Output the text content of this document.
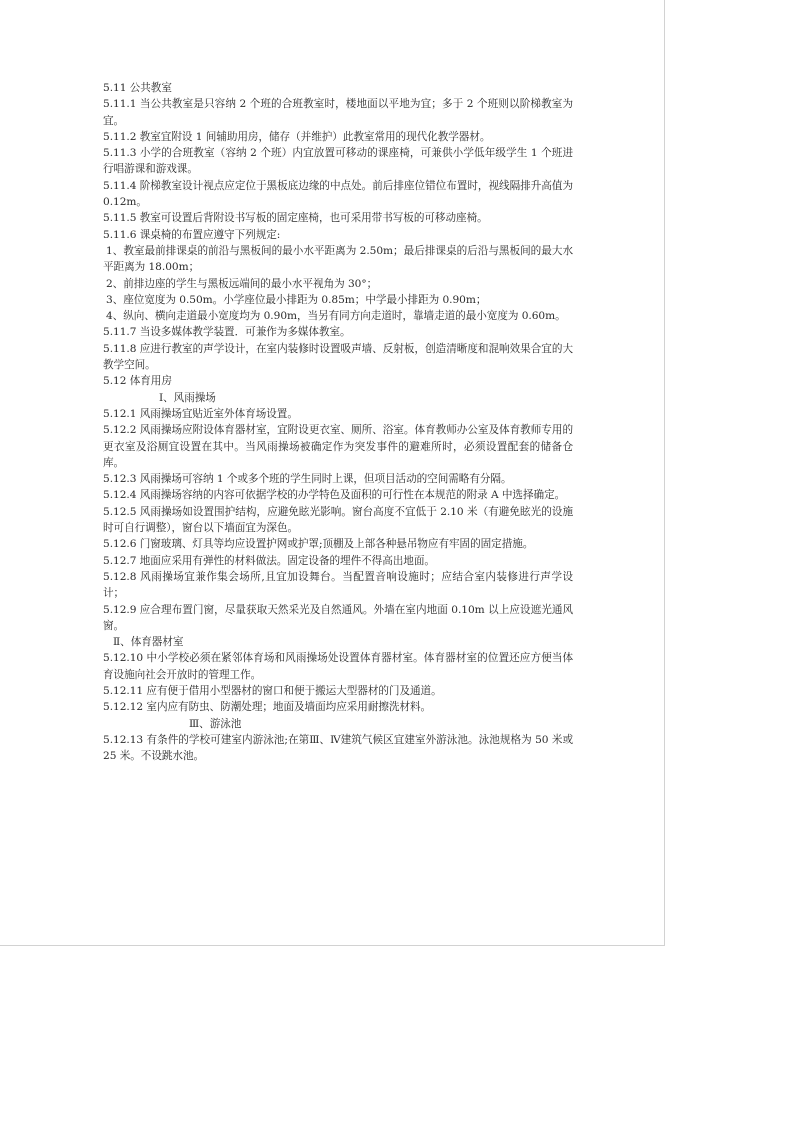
5.11 公共教室

5.11.1 当公共教室是只容纳 2 个班的合班教室时，楼地面以平地为宜；多于 2 个班则以阶梯教室为宜。

5.11.2 教室宜附设 1 间辅助用房，储存（并维护）此教室常用的现代化教学器材。

5.11.3 小学的合班教室（容纳 2 个班）内宜放置可移动的课座椅，可兼供小学低年级学生 1 个班进行唱游课和游戏课。

5.11.4 阶梯教室设计视点应定位于黑板底边缘的中点处。前后排座位错位布置时，视线隔排升高值为 0.12m。

5.11.5 教室可设置后背附设书写板的固定座椅，也可采用带书写板的可移动座椅。

5.11.6 课桌椅的布置应遵守下列规定:

1、教室最前排课桌的前沿与黑板间的最小水平距离为 2.50m；最后排课桌的后沿与黑板间的最大水平距离为 18.00m；

2、前排边座的学生与黑板远端间的最小水平视角为 30°；

3、座位宽度为 0.50m。小学座位最小排距为 0.85m；中学最小排距为 0.90m；

4、纵向、横向走道最小宽度均为 0.90m，当另有同方向走道时，靠墙走道的最小宽度为 0.60m。

5.11.7 当设多媒体教学装置．可兼作为多媒体教室。

5.11.8 应进行教室的声学设计，在室内装修时设置吸声墙、反射板，创造清晰度和混响效果合宜的大教学空间。

5.12 体育用房

Ⅰ、风雨操场

5.12.1 风雨操场宜贴近室外体育场设置。

5.12.2 风雨操场应附设体育器材室，宜附设更衣室、厕所、浴室。体育教师办公室及体育教师专用的更衣室及浴厕宜设置在其中。当风雨操场被确定作为突发事件的避难所时，必须设置配套的储备仓库。

5.12.3 风雨操场可容纳 1 个或多个班的学生同时上课，但项目活动的空间需略有分隔。

5.12.4 风雨操场容纳的内容可依据学校的办学特色及面积的可行性在本规范的附录 A 中选择确定。

5.12.5 风雨操场如设置围护结构，应避免眩光影响。窗台高度不宜低于 2.10 米（有避免眩光的设施时可自行调整），窗台以下墙面宜为深色。

5.12.6 门窗玻璃、灯具等均应设置护网或护罩;顶棚及上部各种悬吊物应有牢固的固定措施。

5.12.7 地面应采用有弹性的材料做法。固定设备的埋件不得高出地面。

5.12.8 风雨操场宜兼作集会场所,且宜加设舞台。当配置音响设施时；应结合室内装修进行声学设计；

5.12.9 应合理布置门窗，尽量获取天然采光及自然通风。外墙在室内地面 0.10m 以上应设遮光通风窗。

Ⅱ、体育器材室

5.12.10 中小学校必须在紧邻体育场和风雨操场处设置体育器材室。体育器材室的位置还应方便当体育设施向社会开放时的管理工作。

5.12.11 应有便于借用小型器材的窗口和便于搬运大型器材的门及通道。

5.12.12 室内应有防虫、防潮处理；地面及墙面均应采用耐擦洗材料。

Ⅲ、游泳池

5.12.13 有条件的学校可建室内游泳池;在第Ⅲ、Ⅳ建筑气候区宜建室外游泳池。泳池规格为 50 米或 25 米。不设跳水池。
